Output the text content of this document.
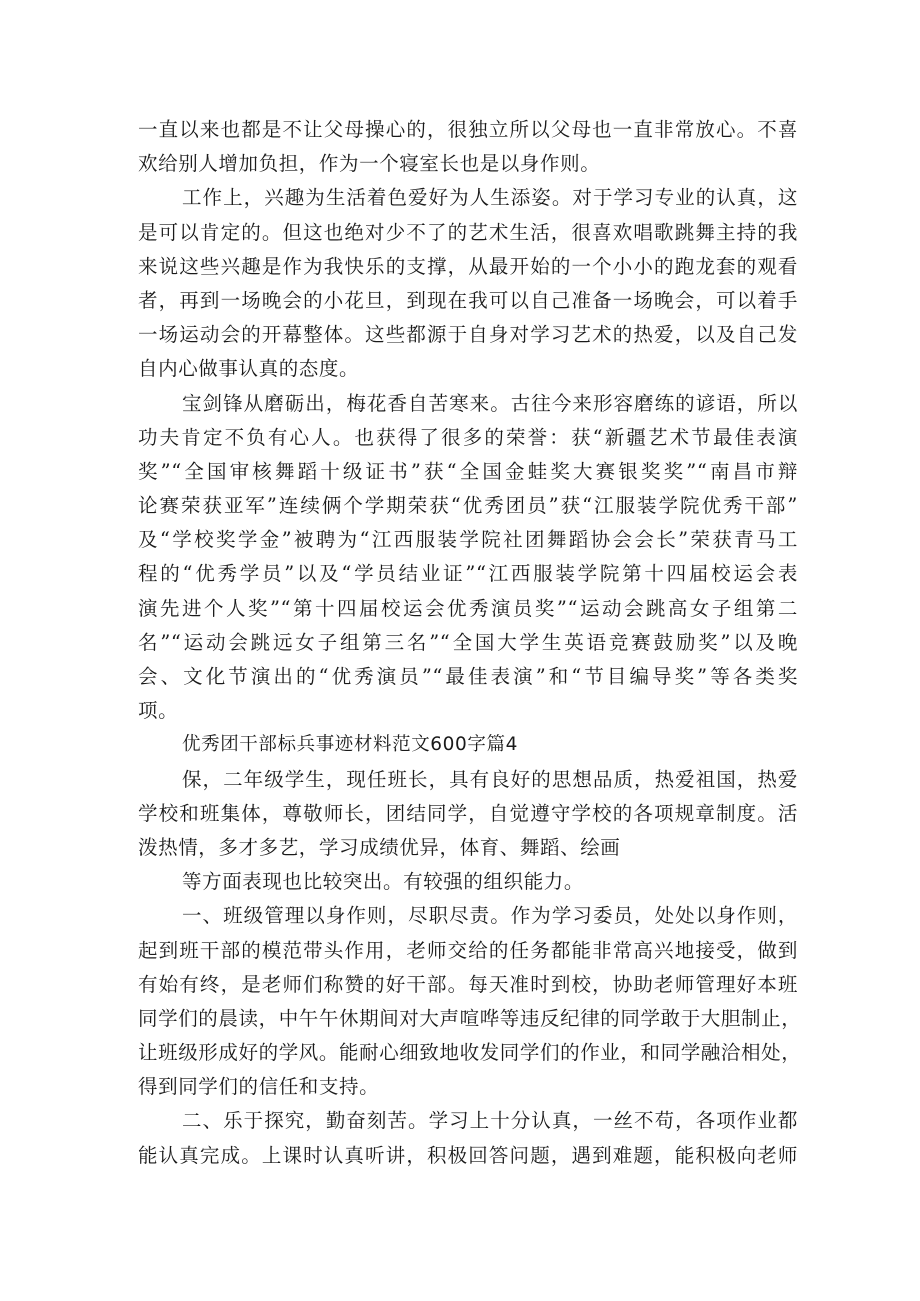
一直以来也都是不让父母操心的，很独立所以父母也一直非常放心。不喜
欢给别人增加负担，作为一个寝室长也是以身作则。
工作上，兴趣为生活着色爱好为人生添姿。对于学习专业的认真，这
是可以肯定的。但这也绝对少不了的艺术生活，很喜欢唱歌跳舞主持的我
来说这些兴趣是作为我快乐的支撑，从最开始的一个小小的跑龙套的观看
者，再到一场晚会的小花旦，到现在我可以自己准备一场晚会，可以着手
一场运动会的开幕整体。这些都源于自身对学习艺术的热爱，以及自己发
自内心做事认真的态度。
宝剑锋从磨砺出，梅花香自苦寒来。古往今来形容磨练的谚语，所以
功夫肯定不负有心人。也获得了很多的荣誉：获“新疆艺术节最佳表演
奖”“全国审核舞蹈十级证书”获“全国金蛙奖大赛银奖奖”“南昌市辩
论赛荣获亚军”连续俩个学期荣获“优秀团员”获“江服装学院优秀干部”
及“学校奖学金”被聘为“江西服装学院社团舞蹈协会会长”荣获青马工
程的“优秀学员”以及“学员结业证”“江西服装学院第十四届校运会表
演先进个人奖”“第十四届校运会优秀演员奖”“运动会跳高女子组第二
名”“运动会跳远女子组第三名”“全国大学生英语竞赛鼓励奖”以及晚
会、文化节演出的“优秀演员”“最佳表演”和“节目编导奖”等各类奖
项。
优秀团干部标兵事迹材料范文600字篇4
保，二年级学生，现任班长，具有良好的思想品质，热爱祖国，热爱
学校和班集体，尊敬师长，团结同学，自觉遵守学校的各项规章制度。活
泼热情，多才多艺，学习成绩优异，体育、舞蹈、绘画
等方面表现也比较突出。有较强的组织能力。
一、班级管理以身作则，尽职尽责。作为学习委员，处处以身作则，
起到班干部的模范带头作用，老师交给的任务都能非常高兴地接受，做到
有始有终，是老师们称赞的好干部。每天准时到校，协助老师管理好本班
同学们的晨读，中午午休期间对大声喧哗等违反纪律的同学敢于大胆制止，
让班级形成好的学风。能耐心细致地收发同学们的作业，和同学融洽相处，
得到同学们的信任和支持。
二、乐于探究，勤奋刻苦。学习上十分认真，一丝不苟，各项作业都
能认真完成。上课时认真听讲，积极回答问题，遇到难题，能积极向老师
